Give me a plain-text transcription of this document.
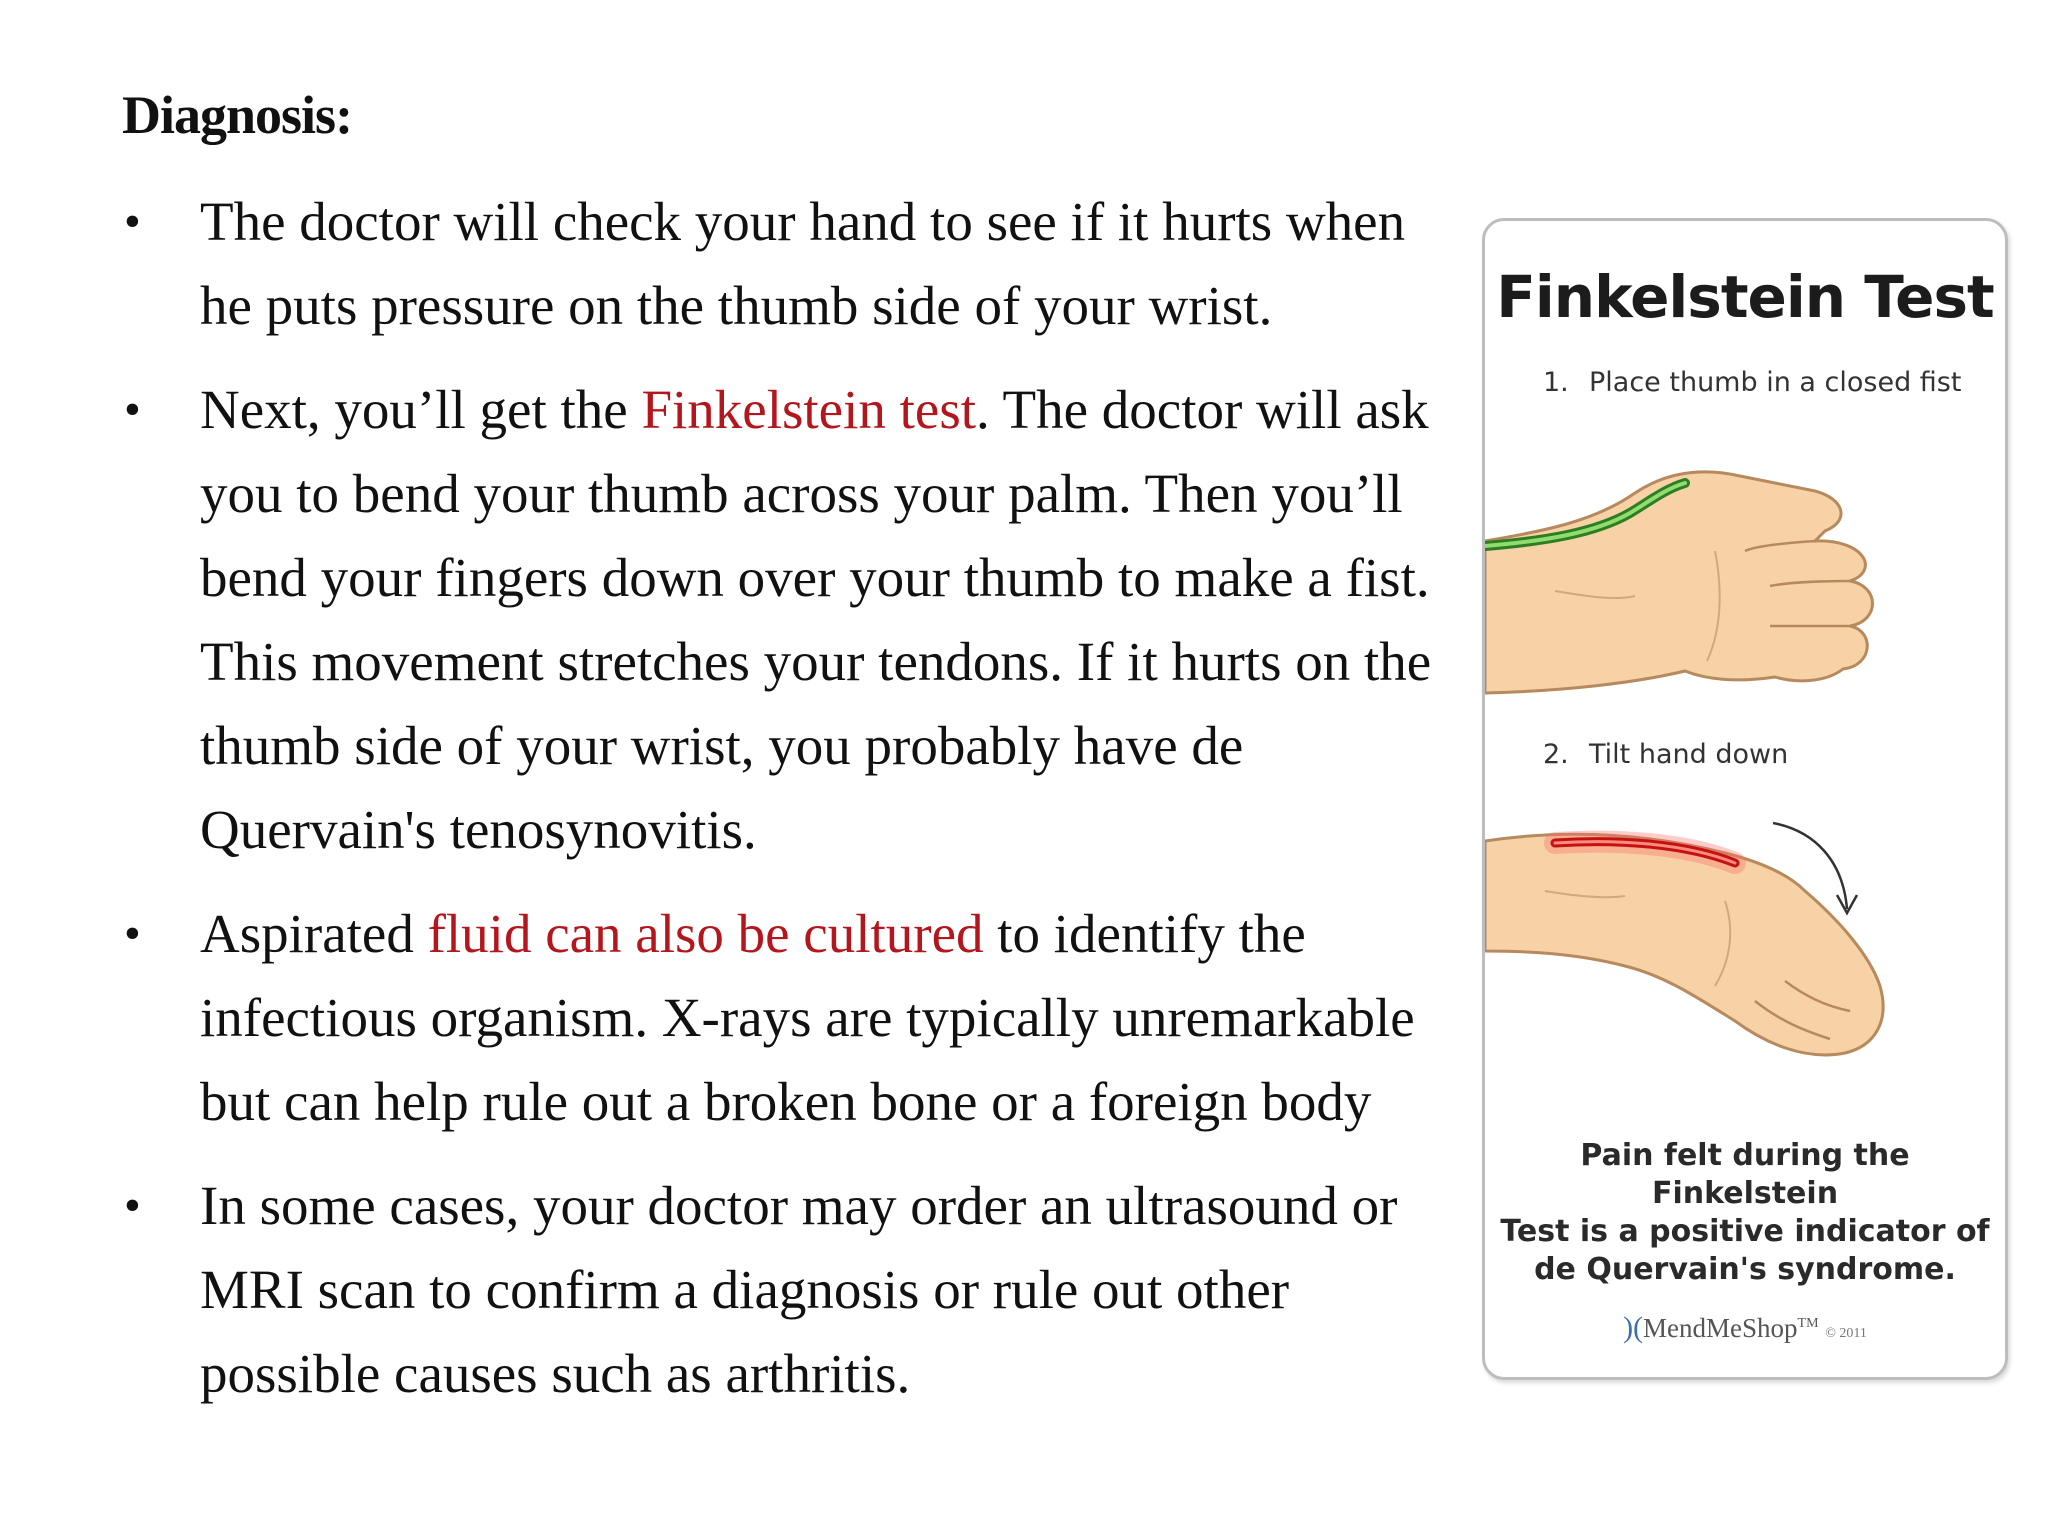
Diagnosis:
• The doctor will check your hand to see if it hurts when he puts pressure on the thumb side of your wrist.
• Next, you’ll get the Finkelstein test. The doctor will ask you to bend your thumb across your palm. Then you’ll bend your fingers down over your thumb to make a fist. This movement stretches your tendons. If it hurts on the thumb side of your wrist, you probably have de Quervain's tenosynovitis.
• Aspirated fluid can also be cultured to identify the infectious organism. X-rays are typically unremarkable but can help rule out a broken bone or a foreign body
• In some cases, your doctor may order an ultrasound or MRI scan to confirm a diagnosis or rule out other possible causes such as arthritis.
Finkelstein Test
1. Place thumb in a closed fist
2. Tilt hand down
Pain felt during the Finkelstein
Test is a positive indicator of
de Quervain's syndrome.
)(MendMeShop™ © 2011
